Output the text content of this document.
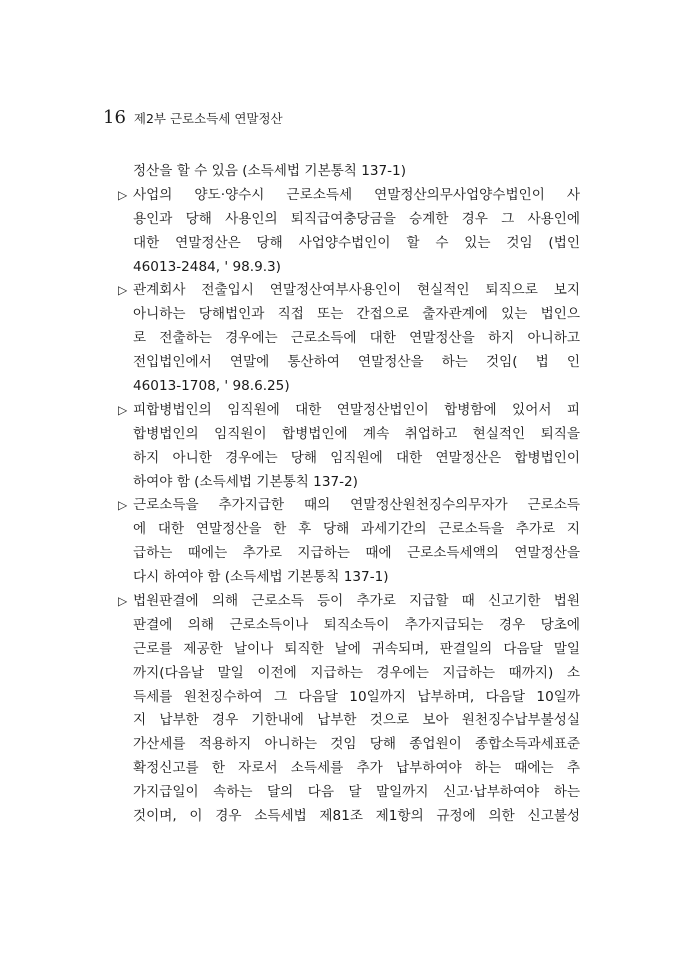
16 제2부 근로소득세 연말정산
정산을 할 수 있음 (소득세법 기본통칙 137-1)
▷ 사업의 양도·양수시 근로소득세 연말정산의무사업양수법인이 사
용인과 당해 사용인의 퇴직급여충당금을 승계한 경우 그 사용인에
대한 연말정산은 당해 사업양수법인이 할 수 있는 것임 (법인
46013-2484, ' 98.9.3)
▷ 관계회사 전출입시 연말정산여부사용인이 현실적인 퇴직으로 보지
아니하는 당해법인과 직접 또는 간접으로 출자관계에 있는 법인으
로 전출하는 경우에는 근로소득에 대한 연말정산을 하지 아니하고
전입법인에서 연말에 통산하여 연말정산을 하는 것임( 법 인
46013-1708, ' 98.6.25)
▷ 피합병법인의 임직원에 대한 연말정산법인이 합병함에 있어서 피
합병법인의 임직원이 합병법인에 계속 취업하고 현실적인 퇴직을
하지 아니한 경우에는 당해 임직원에 대한 연말정산은 합병법인이
하여야 함 (소득세법 기본통칙 137-2)
▷ 근로소득을 추가지급한 때의 연말정산원천징수의무자가 근로소득
에 대한 연말정산을 한 후 당해 과세기간의 근로소득을 추가로 지
급하는 때에는 추가로 지급하는 때에 근로소득세액의 연말정산을
다시 하여야 함 (소득세법 기본통칙 137-1)
▷ 법원판결에 의해 근로소득 등이 추가로 지급할 때 신고기한 법원
판결에 의해 근로소득이나 퇴직소득이 추가지급되는 경우 당초에
근로를 제공한 날이나 퇴직한 날에 귀속되며, 판결일의 다음달 말일
까지(다음날 말일 이전에 지급하는 경우에는 지급하는 때까지) 소
득세를 원천징수하여 그 다음달 10일까지 납부하며, 다음달 10일까
지 납부한 경우 기한내에 납부한 것으로 보아 원천징수납부불성실
가산세를 적용하지 아니하는 것임 당해 종업원이 종합소득과세표준
확정신고를 한 자로서 소득세를 추가 납부하여야 하는 때에는 추
가지급일이 속하는 달의 다음 달 말일까지 신고·납부하여야 하는
것이며, 이 경우 소득세법 제81조 제1항의 규정에 의한 신고불성
